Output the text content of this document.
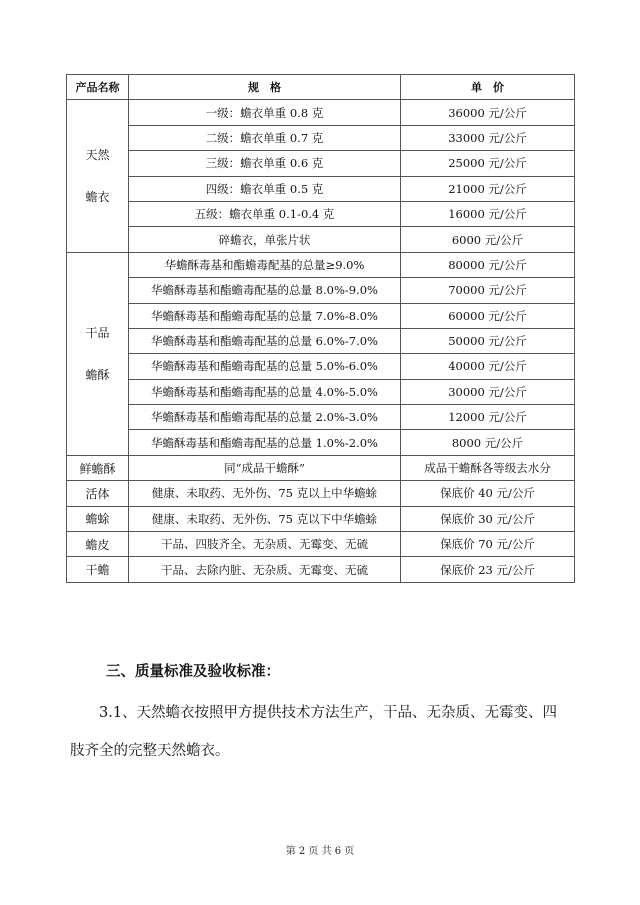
产品名称	规　格	单　价

天然
蟾衣	一级：蟾衣单重 0.8 克	36000 元/公斤
	二级：蟾衣单重 0.7 克	33000 元/公斤
	三级：蟾衣单重 0.6 克	25000 元/公斤
	四级：蟾衣单重 0.5 克	21000 元/公斤
	五级：蟾衣单重 0.1-0.4 克	16000 元/公斤
	碎蟾衣，单张片状	6000 元/公斤

干品
蟾酥	华蟾酥毒基和酯蟾毒配基的总量≥9.0%	80000 元/公斤
	华蟾酥毒基和酯蟾毒配基的总量 8.0%-9.0%	70000 元/公斤
	华蟾酥毒基和酯蟾毒配基的总量 7.0%-8.0%	60000 元/公斤
	华蟾酥毒基和酯蟾毒配基的总量 6.0%-7.0%	50000 元/公斤
	华蟾酥毒基和酯蟾毒配基的总量 5.0%-6.0%	40000 元/公斤
	华蟾酥毒基和酯蟾毒配基的总量 4.0%-5.0%	30000 元/公斤
	华蟾酥毒基和酯蟾毒配基的总量 2.0%-3.0%	12000 元/公斤
	华蟾酥毒基和酯蟾毒配基的总量 1.0%-2.0%	8000 元/公斤
鲜蟾酥	同“成品干蟾酥”	成品干蟾酥各等级去水分
活体	健康、未取药、无外伤、75 克以上中华蟾蜍	保底价 40 元/公斤
蟾蜍	健康、未取药、无外伤、75 克以下中华蟾蜍	保底价 30 元/公斤
蟾皮	干品、四肢齐全、无杂质、无霉变、无硫	保底价 70 元/公斤
干蟾	干品、去除内脏、无杂质、无霉变、无硫	保底价 23 元/公斤
三、质量标准及验收标准：
3.1、天然蟾衣按照甲方提供技术方法生产，干品、无杂质、无霉变、四肢齐全的完整天然蟾衣。
第 2 页 共 6 页
